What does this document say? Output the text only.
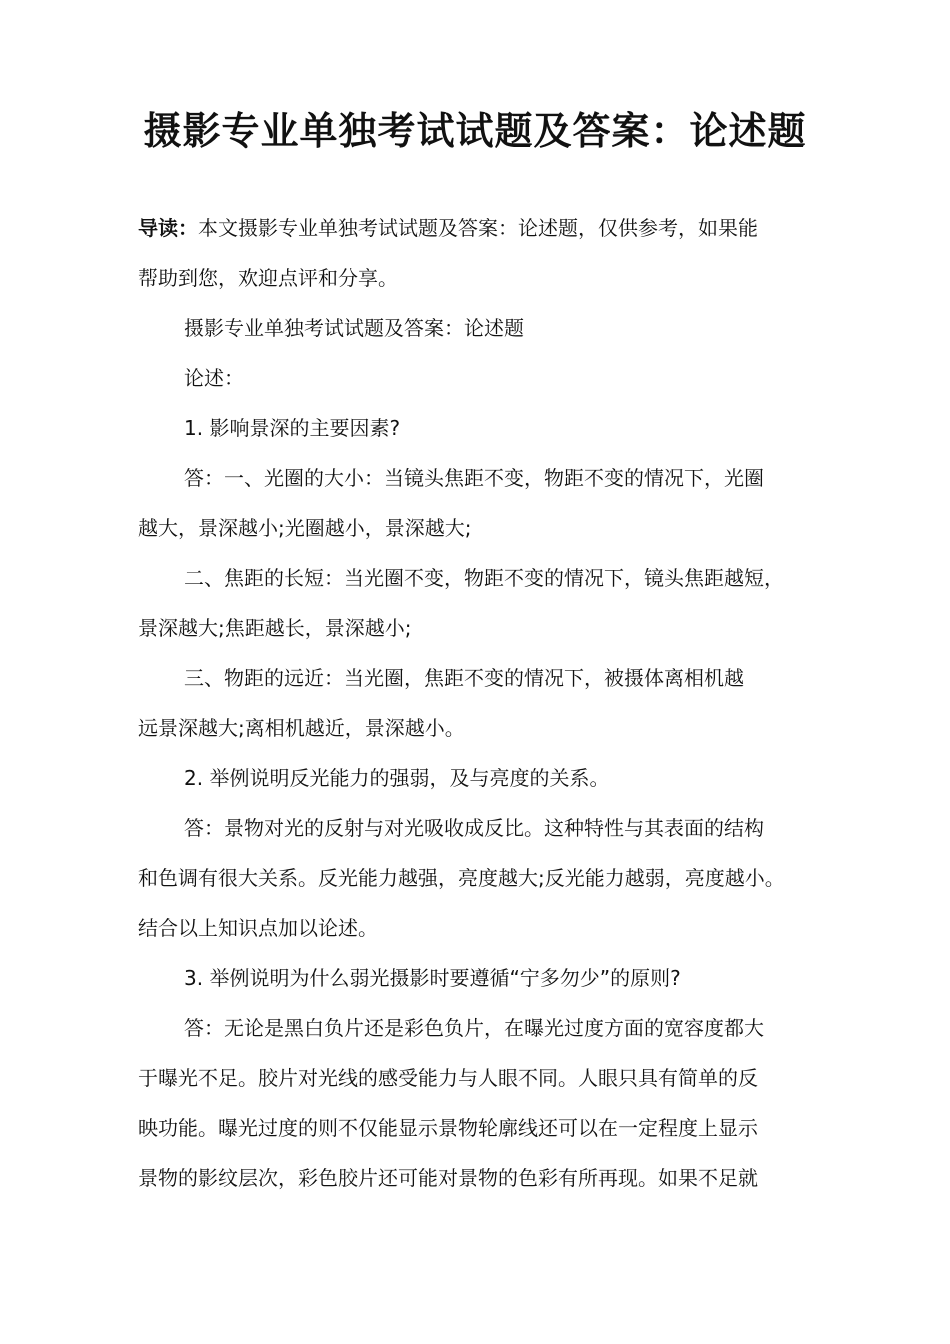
摄影专业单独考试试题及答案：论述题
导读：本文摄影专业单独考试试题及答案：论述题，仅供参考，如果能
帮助到您，欢迎点评和分享。
摄影专业单独考试试题及答案：论述题
论述：
1. 影响景深的主要因素?
答：一、光圈的大小：当镜头焦距不变，物距不变的情况下，光圈
越大，景深越小;光圈越小，景深越大;
二、焦距的长短：当光圈不变，物距不变的情况下，镜头焦距越短，
景深越大;焦距越长，景深越小;
三、物距的远近：当光圈，焦距不变的情况下，被摄体离相机越
远景深越大;离相机越近，景深越小。
2. 举例说明反光能力的强弱，及与亮度的关系。
答：景物对光的反射与对光吸收成反比。这种特性与其表面的结构
和色调有很大关系。反光能力越强，亮度越大;反光能力越弱，亮度越小。
结合以上知识点加以论述。
3. 举例说明为什么弱光摄影时要遵循“宁多勿少”的原则?
答：无论是黑白负片还是彩色负片，在曝光过度方面的宽容度都大
于曝光不足。胶片对光线的感受能力与人眼不同。人眼只具有简单的反
映功能。曝光过度的则不仅能显示景物轮廓线还可以在一定程度上显示
景物的影纹层次，彩色胶片还可能对景物的色彩有所再现。如果不足就
